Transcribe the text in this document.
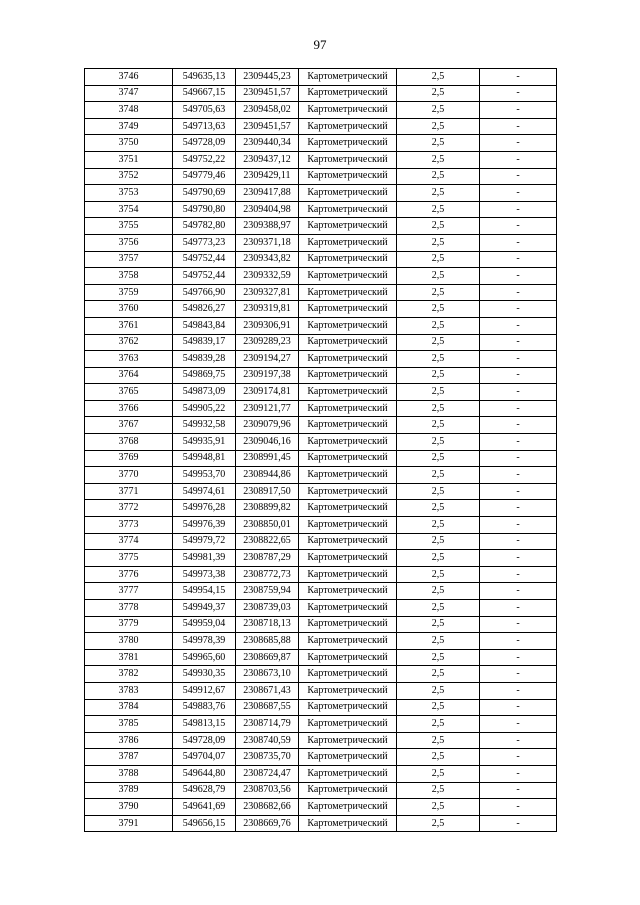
97
3746	549635,13	2309445,23	Картометрический	2,5	-
3747	549667,15	2309451,57	Картометрический	2,5	-
3748	549705,63	2309458,02	Картометрический	2,5	-
3749	549713,63	2309451,57	Картометрический	2,5	-
3750	549728,09	2309440,34	Картометрический	2,5	-
3751	549752,22	2309437,12	Картометрический	2,5	-
3752	549779,46	2309429,11	Картометрический	2,5	-
3753	549790,69	2309417,88	Картометрический	2,5	-
3754	549790,80	2309404,98	Картометрический	2,5	-
3755	549782,80	2309388,97	Картометрический	2,5	-
3756	549773,23	2309371,18	Картометрический	2,5	-
3757	549752,44	2309343,82	Картометрический	2,5	-
3758	549752,44	2309332,59	Картометрический	2,5	-
3759	549766,90	2309327,81	Картометрический	2,5	-
3760	549826,27	2309319,81	Картометрический	2,5	-
3761	549843,84	2309306,91	Картометрический	2,5	-
3762	549839,17	2309289,23	Картометрический	2,5	-
3763	549839,28	2309194,27	Картометрический	2,5	-
3764	549869,75	2309197,38	Картометрический	2,5	-
3765	549873,09	2309174,81	Картометрический	2,5	-
3766	549905,22	2309121,77	Картометрический	2,5	-
3767	549932,58	2309079,96	Картометрический	2,5	-
3768	549935,91	2309046,16	Картометрический	2,5	-
3769	549948,81	2308991,45	Картометрический	2,5	-
3770	549953,70	2308944,86	Картометрический	2,5	-
3771	549974,61	2308917,50	Картометрический	2,5	-
3772	549976,28	2308899,82	Картометрический	2,5	-
3773	549976,39	2308850,01	Картометрический	2,5	-
3774	549979,72	2308822,65	Картометрический	2,5	-
3775	549981,39	2308787,29	Картометрический	2,5	-
3776	549973,38	2308772,73	Картометрический	2,5	-
3777	549954,15	2308759,94	Картометрический	2,5	-
3778	549949,37	2308739,03	Картометрический	2,5	-
3779	549959,04	2308718,13	Картометрический	2,5	-
3780	549978,39	2308685,88	Картометрический	2,5	-
3781	549965,60	2308669,87	Картометрический	2,5	-
3782	549930,35	2308673,10	Картометрический	2,5	-
3783	549912,67	2308671,43	Картометрический	2,5	-
3784	549883,76	2308687,55	Картометрический	2,5	-
3785	549813,15	2308714,79	Картометрический	2,5	-
3786	549728,09	2308740,59	Картометрический	2,5	-
3787	549704,07	2308735,70	Картометрический	2,5	-
3788	549644,80	2308724,47	Картометрический	2,5	-
3789	549628,79	2308703,56	Картометрический	2,5	-
3790	549641,69	2308682,66	Картометрический	2,5	-
3791	549656,15	2308669,76	Картометрический	2,5	-
